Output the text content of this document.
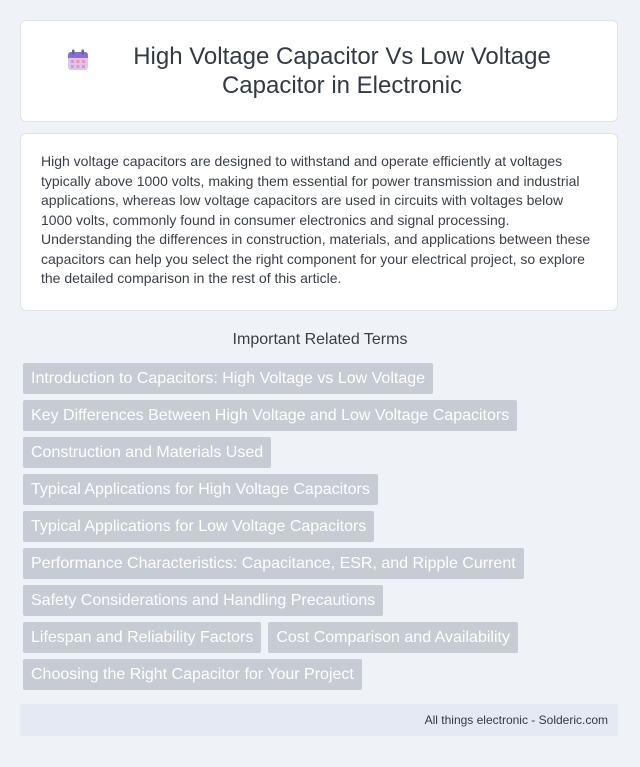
High Voltage Capacitor Vs Low Voltage Capacitor in Electronic

High voltage capacitors are designed to withstand and operate efficiently at voltages typically above 1000 volts, making them essential for power transmission and industrial applications, whereas low voltage capacitors are used in circuits with voltages below 1000 volts, commonly found in consumer electronics and signal processing. Understanding the differences in construction, materials, and applications between these capacitors can help you select the right component for your electrical project, so explore the detailed comparison in the rest of this article.

Important Related Terms
Introduction to Capacitors: High Voltage vs Low Voltage
Key Differences Between High Voltage and Low Voltage Capacitors
Construction and Materials Used
Typical Applications for High Voltage Capacitors
Typical Applications for Low Voltage Capacitors
Performance Characteristics: Capacitance, ESR, and Ripple Current
Safety Considerations and Handling Precautions
Lifespan and Reliability Factors	Cost Comparison and Availability
Choosing the Right Capacitor for Your Project
All things electronic - Solderic.com
